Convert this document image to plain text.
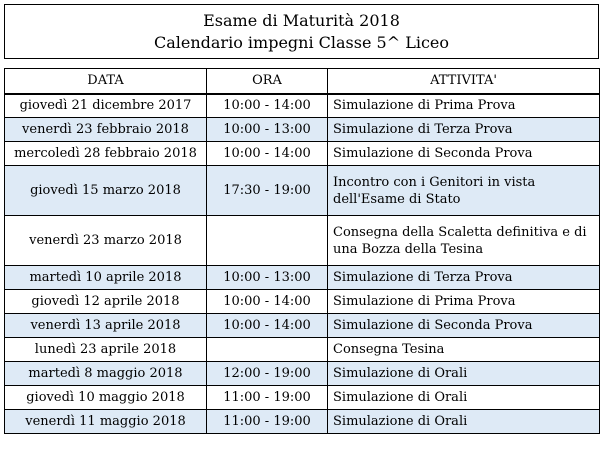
Esame di Maturità 2018
Calendario impegni Classe 5^ Liceo
DATA	ORA	ATTIVITA'
giovedì 21 dicembre 2017	10:00 - 14:00	Simulazione di Prima Prova
venerdì 23 febbraio 2018	10:00 - 13:00	Simulazione di Terza Prova
mercoledì 28 febbraio 2018	10:00 - 14:00	Simulazione di Seconda Prova
giovedì 15 marzo 2018	17:30 - 19:00	Incontro con i Genitori in vista dell'Esame di Stato
venerdì 23 marzo 2018		Consegna della Scaletta definitiva e di una Bozza della Tesina
martedì 10 aprile 2018	10:00 - 13:00	Simulazione di Terza Prova
giovedì 12 aprile 2018	10:00 - 14:00	Simulazione di Prima Prova
venerdì 13 aprile 2018	10:00 - 14:00	Simulazione di Seconda Prova
lunedì 23 aprile 2018		Consegna Tesina
martedì 8 maggio 2018	12:00 - 19:00	Simulazione di Orali
giovedì 10 maggio 2018	11:00 - 19:00	Simulazione di Orali
venerdì 11 maggio 2018	11:00 - 19:00	Simulazione di Orali
